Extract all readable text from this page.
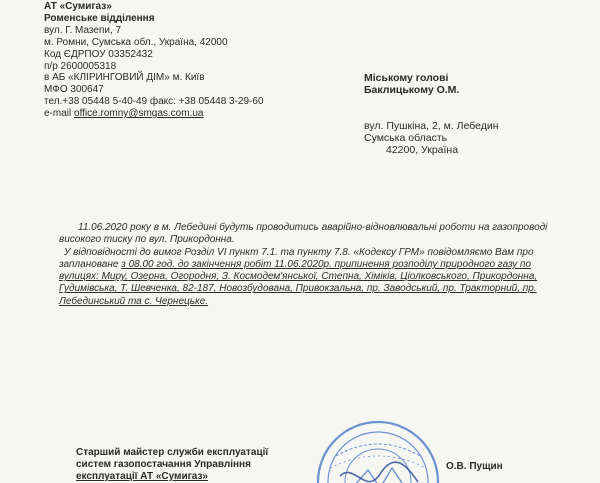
АТ «Сумигаз»
Роменське відділення
вул. Г. Мазепи, 7
м. Ромни, Сумська обл., Україна, 42000
Код ЄДРПОУ 03352432
п/р 2600005318
в АБ «КЛІРИНГОВИЙ ДІМ» м. Київ
МФО 300647
тел.+38 05448 5-40-49 факс: +38 05448 3-29-60
e-mail office.romny@smgas.com.ua
Міському голові
Баклицькому О.М.
вул. Пушкіна, 2, м. Лебедин
Сумська область
42200, Україна
11.06.2020 року в м. Лебедині будуть проводитись аварійно-відновлювальні роботи на газопроводі
високого тиску по вул. Прикордонна.
У відповідності до вимог Розділ VI пункт 7.1. та пункту 7.8. «Кодексу ГРМ» повідомляємо Вам про
заплановане з 08.00 год. до закінчення робіт 11.06.2020р. припинення розподілу природного газу по
вулицях: Миру, Озерна, Огородня, З. Космодем'янської, Степна, Хіміків, Ціолковського, Прикордонна,
Гудимівська, Т. Шевченка, 82-187, Новозбудована, Привокзальна, пр. Заводський, пр. Тракторний, пр.
Лебединський та с. Чернецьке.
Старший майстер служби експлуатації
систем газопостачання Управління
експлуатації АТ «Сумигаз»
О.В. Пущин
